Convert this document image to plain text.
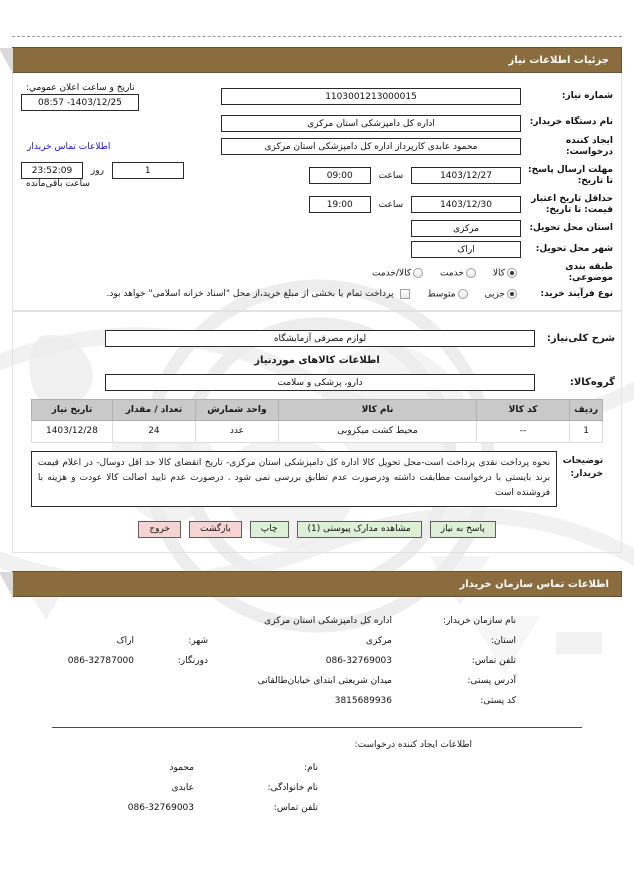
جزئیات اطلاعات نیاز
شماره نیاز:	1103001213000015	تاریخ و ساعت اعلان عمومي: 1403/12/25- 08:57
نام دستگاه خریدار:	اداره کل دامپزشکی استان مرکزی	
ایجاد کننده درخواست:	محمود عابدی کارپرداز اداره کل دامپزشکی استان مرکزی	اطلاعات تماس خریدار
مهلت ارسال پاسخ: تا تاریخ:	1403/12/27 ساعت 09:00	1 روز 23:52:09 ساعت باقی‌مانده
حداقل تاریخ اعتبار قیمت: تا تاریخ:	1403/12/30 ساعت 19:00	
استان محل تحویل:	مرکزی	
شهر محل تحویل:	اراک	
طبقه بندی موضوعی:	کالا خدمت کالا/خدمت	
نوع فرآیند خرید:	جزیی متوسط  پرداخت تمام یا بخشی از مبلغ خرید،از محل "اسناد خزانه اسلامی" خواهد بود.	
شرح کلی‌نیاز:
لوازم مصرفی آزمایشگاه
اطلاعات کالاهای موردنیاز
گروه‌کالا:
دارو، پزشکی و سلامت
ردیف	کد کالا	نام کالا	واحد شمارش	تعداد / مقدار	تاریخ نیاز
1	--	محیط کشت میکروبی	عدد	24	1403/12/28
توضیحات خریدار:
نحوه پرداخت نقدی پرداخت است-محل تحویل کالا اداره کل دامپزشکی استان مرکزی- تاریخ انقضای کالا حد اقل دوسال- در اعلام قیمت برند بایستی با درخواست مطابقت داشته ودرصورت عدم تطابق بررسی نمی شود . درصورت عدم تایید اصالت کالا عودت و هزینه با فروشنده است
پاسخ به نیاز
مشاهده مدارک پیوستی (1)
چاپ
بازگشت
خروج
اطلاعات تماس سازمان خریدار
	نام سازمان خریدار:	اداره کل دامپزشکی استان مرکزی		
	استان:	مرکزی	شهر:	اراک
	تلفن تماس:	086-32769003	دورنگار:	086-32787000
	آدرس پستی:	میدان شریعتی ابتدای خیابان‌طالقانی		
	کد پستی:	3815689936		
اطلاعات ایجاد کننده درخواست:
	نام:	محمود
	نام خانوادگی:	عابدی
	تلفن تماس:	086-32769003
